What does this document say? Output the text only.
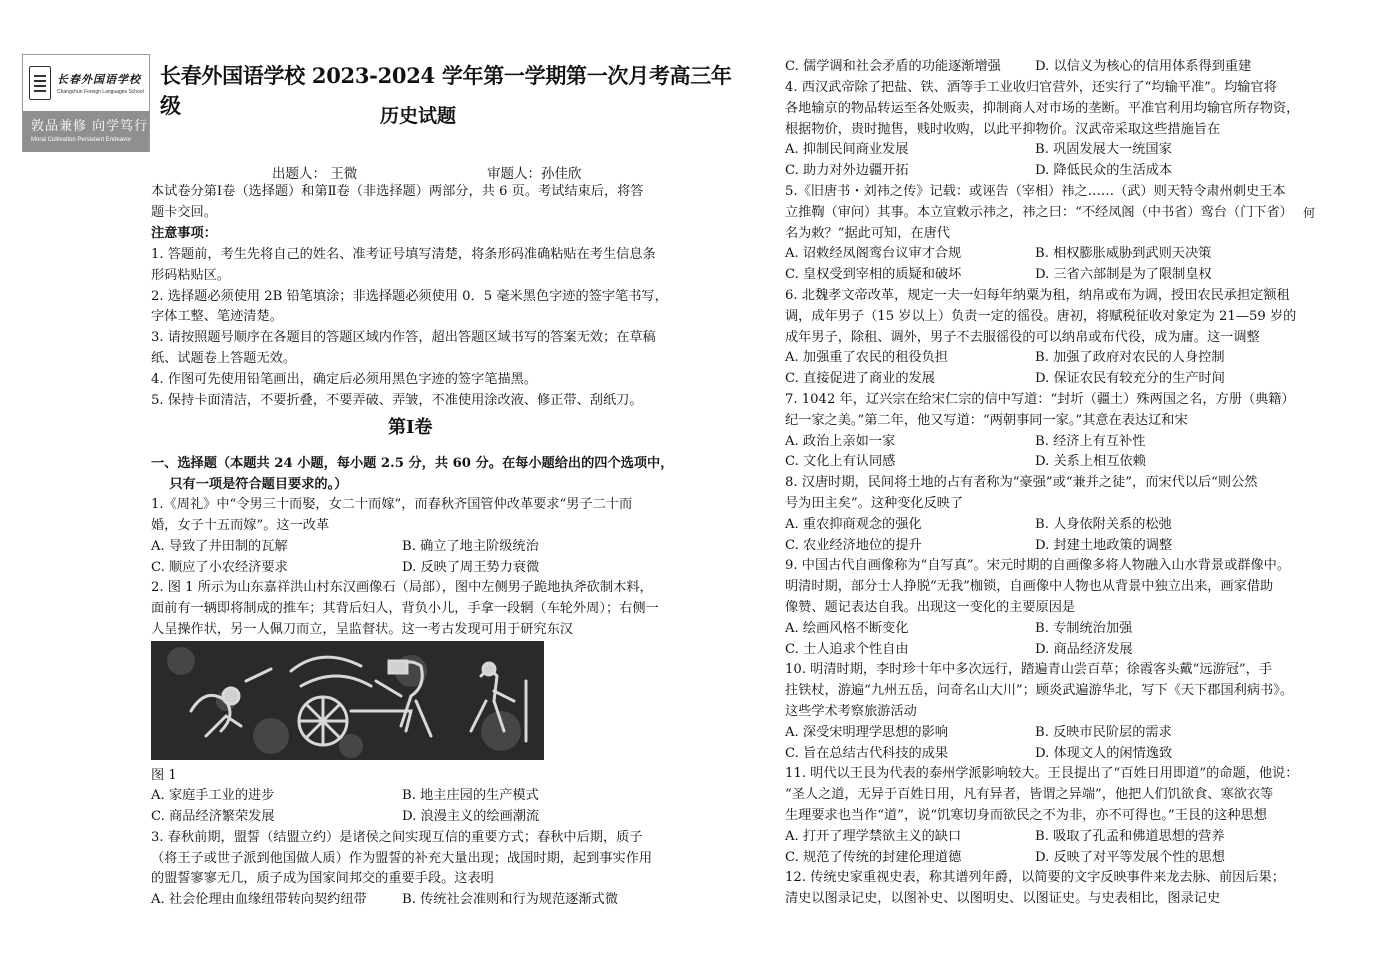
长春外国语学校
Changchun Foreign Languages School
敦品兼修 向学笃行
Moral Cultivation Persistent Endeavor
长春外国语学校 2023-2024 学年第一学期第一次月考高三年级	历史试题
出题人： 王微	审题人：孙佳欣
本试卷分第Ⅰ卷（选择题）和第Ⅱ卷（非选择题）两部分，共 6 页。考试结束后，将答
题卡交回。
注意事项：
1. 答题前，考生先将自己的姓名、准考证号填写清楚，将条形码准确粘贴在考生信息条
形码粘贴区。
2. 选择题必须使用 2B 铅笔填涂；非选择题必须使用 0．5 毫米黑色字迹的签字笔书写，
字体工整、笔迹清楚。
3. 请按照题号顺序在各题目的答题区域内作答，超出答题区域书写的答案无效；在草稿
纸、试题卷上答题无效。
4. 作图可先使用铅笔画出，确定后必须用黑色字迹的签字笔描黑。
5. 保持卡面清洁，不要折叠，不要弄破、弄皱，不准使用涂改液、修正带、刮纸刀。
第Ⅰ卷
一、选择题（本题共 24 小题，每小题 2.5 分，共 60 分。在每小题给出的四个选项中，
只有一项是符合题目要求的。）
1.《周礼》中“令男三十而娶，女二十而嫁”，而春秋齐国管仲改革要求“男子二十而
婚，女子十五而嫁”。这一改革
A. 导致了井田制的瓦解	B. 确立了地主阶级统治
C. 顺应了小农经济要求	D. 反映了周王势力衰微
2. 图 1 所示为山东嘉祥洪山村东汉画像石（局部），图中左侧男子跪地执斧砍制木料，
面前有一辆即将制成的推车；其背后妇人，背负小儿，手拿一段辋（车轮外周）；右侧一
人呈操作状，另一人佩刀而立，呈监督状。这一考古发现可用于研究东汉
图 1
A. 家庭手工业的进步	B. 地主庄园的生产模式
C. 商品经济繁荣发展	D. 浪漫主义的绘画潮流
3. 春秋前期，盟誓（结盟立约）是诸侯之间实现互信的重要方式；春秋中后期，质子
（将王子或世子派到他国做人质）作为盟誓的补充大量出现；战国时期，起到事实作用
的盟誓寥寥无几，质子成为国家间邦交的重要手段。这表明
A. 社会伦理由血缘纽带转向契约纽带	B. 传统社会准则和行为规范逐渐式微
C. 儒学调和社会矛盾的功能逐渐增强	D. 以信义为核心的信用体系得到重建
4. 西汉武帝除了把盐、铁、酒等手工业收归官营外，还实行了“均输平准”。均输官将
各地输京的物品转运至各处贩卖，抑制商人对市场的垄断。平准官利用均输官所存物资，
根据物价，贵时抛售，贱时收购，以此平抑物价。汉武帝采取这些措施旨在
A. 抑制民间商业发展	B. 巩固发展大一统国家
C. 助力对外边疆开拓	D. 降低民众的生活成本
5.《旧唐书・刘祎之传》记载：或诬告（宰相）祎之……（武）则天特令肃州刺史王本
立推鞫（审问）其事。本立宣敕示祎之，祎之曰：“不经凤阁（中书省）鸾台（门下省） 何
名为敕？”据此可知，在唐代
A. 诏敕经凤阁鸾台议审才合规	B. 相权膨胀威胁到武则天决策
C. 皇权受到宰相的质疑和破坏	D. 三省六部制是为了限制皇权
6. 北魏孝文帝改革，规定一夫一妇每年纳粟为租，纳帛或布为调，授田农民承担定额租
调，成年男子（15 岁以上）负责一定的徭役。唐初，将赋税征收对象定为 21—59 岁的
成年男子，除租、调外，男子不去服徭役的可以纳帛或布代役，成为庸。这一调整
A. 加强重了农民的租役负担	B. 加强了政府对农民的人身控制
C. 直接促进了商业的发展	D. 保证农民有较充分的生产时间
7. 1042 年，辽兴宗在给宋仁宗的信中写道：“封圻（疆土）殊两国之名，方册（典籍）
纪一家之美。”第二年，他又写道：“两朝事同一家。”其意在表达辽和宋
A. 政治上亲如一家	B. 经济上有互补性
C. 文化上有认同感	D. 关系上相互依赖
8. 汉唐时期，民间将土地的占有者称为“豪强”或“兼并之徒”，而宋代以后“则公然
号为田主矣”。这种变化反映了
A. 重农抑商观念的强化	B. 人身依附关系的松弛
C. 农业经济地位的提升	D. 封建土地政策的调整
9. 中国古代自画像称为“自写真”。宋元时期的自画像多将人物融入山水背景或群像中。
明清时期，部分士人挣脱“无我”枷锁，自画像中人物也从背景中独立出来，画家借助
像赞、题记表达自我。出现这一变化的主要原因是
A. 绘画风格不断变化	B. 专制统治加强
C. 士人追求个性自由	D. 商品经济发展
10. 明清时期，李时珍十年中多次远行，踏遍青山尝百草；徐霞客头戴“远游冠”，手
拄铁杖，游遍“九州五岳，问奇名山大川”；顾炎武遍游华北，写下《天下郡国利病书》。
这些学术考察旅游活动
A. 深受宋明理学思想的影响	B. 反映市民阶层的需求
C. 旨在总结古代科技的成果	D. 体现文人的闲情逸致
11. 明代以王艮为代表的泰州学派影响较大。王艮提出了“百姓日用即道”的命题，他说：
“圣人之道，无异于百姓日用，凡有异者，皆谓之异端”，他把人们饥欲食、寒欲衣等
生理要求也当作“道”，说“饥寒切身而欲民之不为非，亦不可得也。”王艮的这种思想
A. 打开了理学禁欲主义的缺口	B. 吸取了孔孟和佛道思想的营养
C. 规范了传统的封建伦理道德	D. 反映了对平等发展个性的思想
12. 传统史家重视史表，称其谱列年爵，以简要的文字反映事件来龙去脉、前因后果；
清史以图录记史，以图补史、以图明史、以图证史。与史表相比，图录记史
